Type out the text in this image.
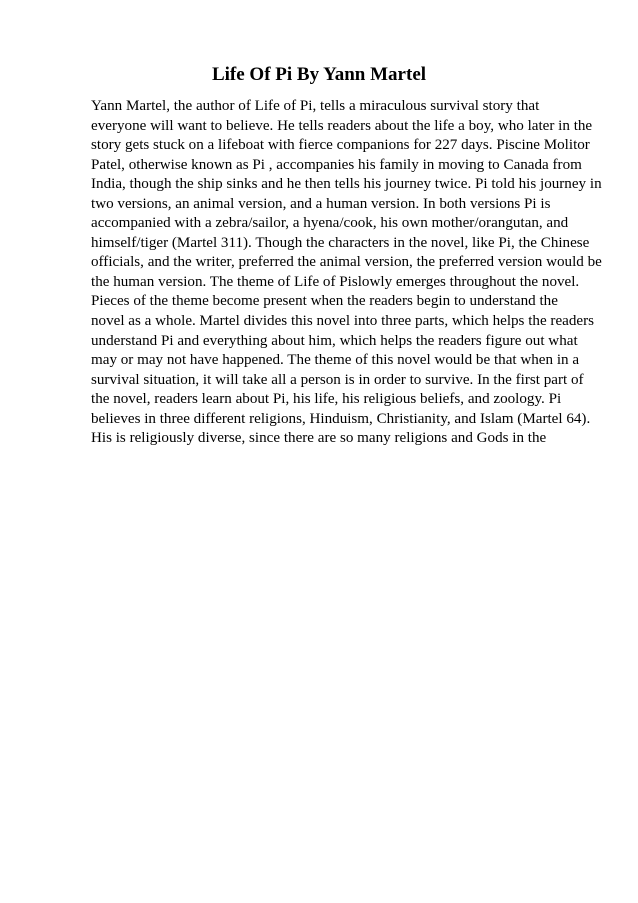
Life Of Pi By Yann Martel
Yann Martel, the author of Life of Pi, tells a miraculous survival story that
everyone will want to believe. He tells readers about the life a boy, who later in the
story gets stuck on a lifeboat with fierce companions for 227 days. Piscine Molitor
Patel, otherwise known as Pi , accompanies his family in moving to Canada from
India, though the ship sinks and he then tells his journey twice. Pi told his journey in
two versions, an animal version, and a human version. In both versions Pi is
accompanied with a zebra/sailor, a hyena/cook, his own mother/orangutan, and
himself/tiger (Martel 311). Though the characters in the novel, like Pi, the Chinese
officials, and the writer, preferred the animal version, the preferred version would be
the human version. The theme of Life of Pislowly emerges throughout the novel.
Pieces of the theme become present when the readers begin to understand the
novel as a whole. Martel divides this novel into three parts, which helps the readers
understand Pi and everything about him, which helps the readers figure out what
may or may not have happened. The theme of this novel would be that when in a
survival situation, it will take all a person is in order to survive. In the first part of
the novel, readers learn about Pi, his life, his religious beliefs, and zoology. Pi
believes in three different religions, Hinduism, Christianity, and Islam (Martel 64).
His is religiously diverse, since there are so many religions and Gods in the
